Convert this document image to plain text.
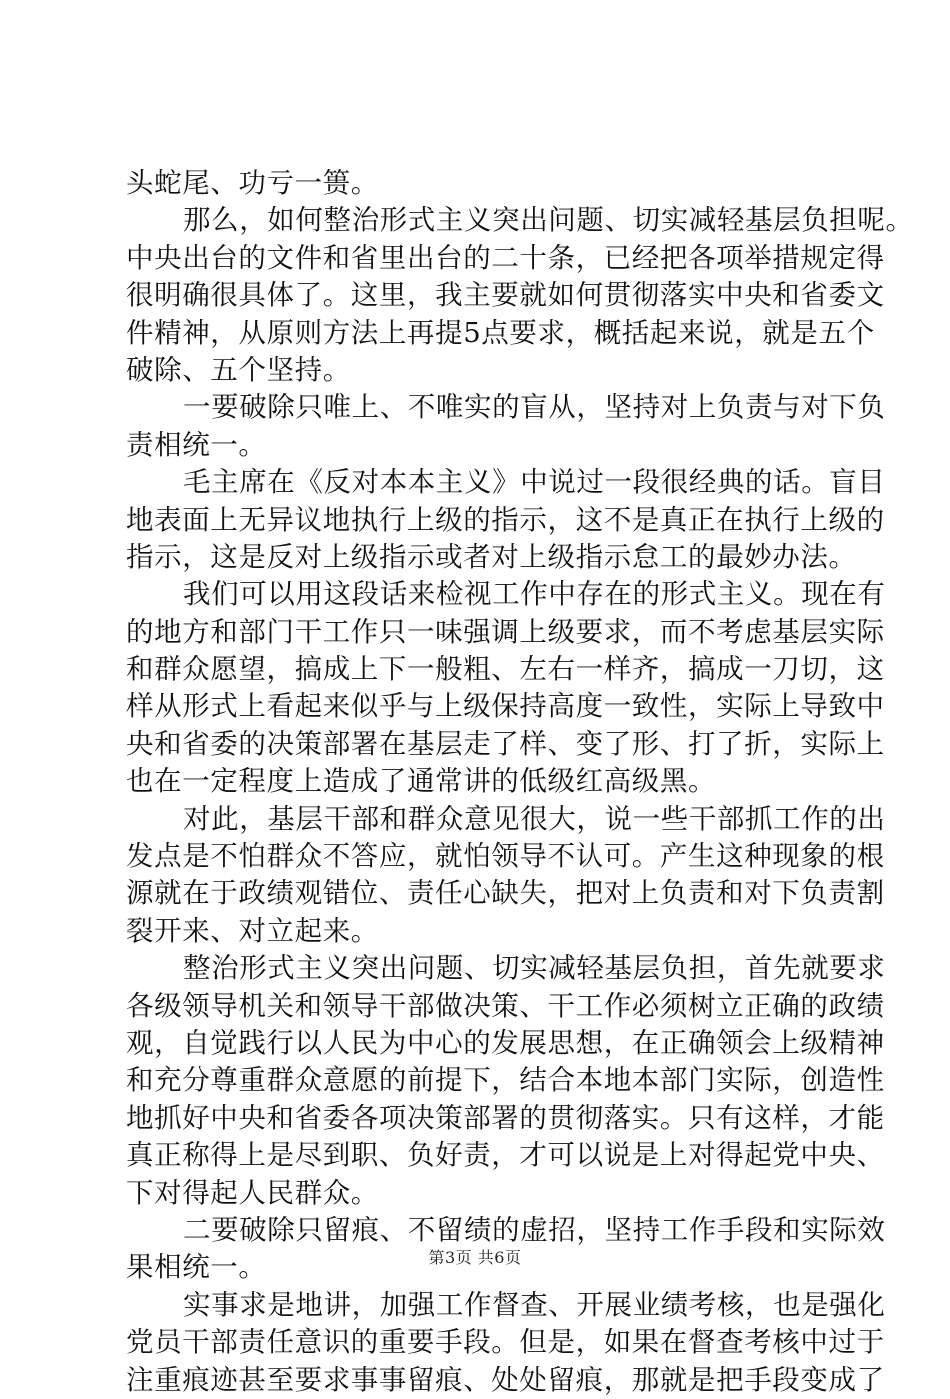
头蛇尾、功亏一篑。
那么，如何整治形式主义突出问题、切实减轻基层负担呢。
中央出台的文件和省里出台的二十条，已经把各项举措规定得
很明确很具体了。这里，我主要就如何贯彻落实中央和省委文
件精神，从原则方法上再提5点要求，概括起来说，就是五个
破除、五个坚持。
一要破除只唯上、不唯实的盲从，坚持对上负责与对下负
责相统一。
毛主席在《反对本本主义》中说过一段很经典的话。盲目
地表面上无异议地执行上级的指示，这不是真正在执行上级的
指示，这是反对上级指示或者对上级指示怠工的最妙办法。
我们可以用这段话来检视工作中存在的形式主义。现在有
的地方和部门干工作只一味强调上级要求，而不考虑基层实际
和群众愿望，搞成上下一般粗、左右一样齐，搞成一刀切，这
样从形式上看起来似乎与上级保持高度一致性，实际上导致中
央和省委的决策部署在基层走了样、变了形、打了折，实际上
也在一定程度上造成了通常讲的低级红高级黑。
对此，基层干部和群众意见很大，说一些干部抓工作的出
发点是不怕群众不答应，就怕领导不认可。产生这种现象的根
源就在于政绩观错位、责任心缺失，把对上负责和对下负责割
裂开来、对立起来。
整治形式主义突出问题、切实减轻基层负担，首先就要求
各级领导机关和领导干部做决策、干工作必须树立正确的政绩
观，自觉践行以人民为中心的发展思想，在正确领会上级精神
和充分尊重群众意愿的前提下，结合本地本部门实际，创造性
地抓好中央和省委各项决策部署的贯彻落实。只有这样，才能
真正称得上是尽到职、负好责，才可以说是上对得起党中央、
下对得起人民群众。
二要破除只留痕、不留绩的虚招，坚持工作手段和实际效
果相统一。
实事求是地讲，加强工作督查、开展业绩考核，也是强化
党员干部责任意识的重要手段。但是，如果在督查考核中过于
注重痕迹甚至要求事事留痕、处处留痕，那就是把手段变成了
第3页 共6页
